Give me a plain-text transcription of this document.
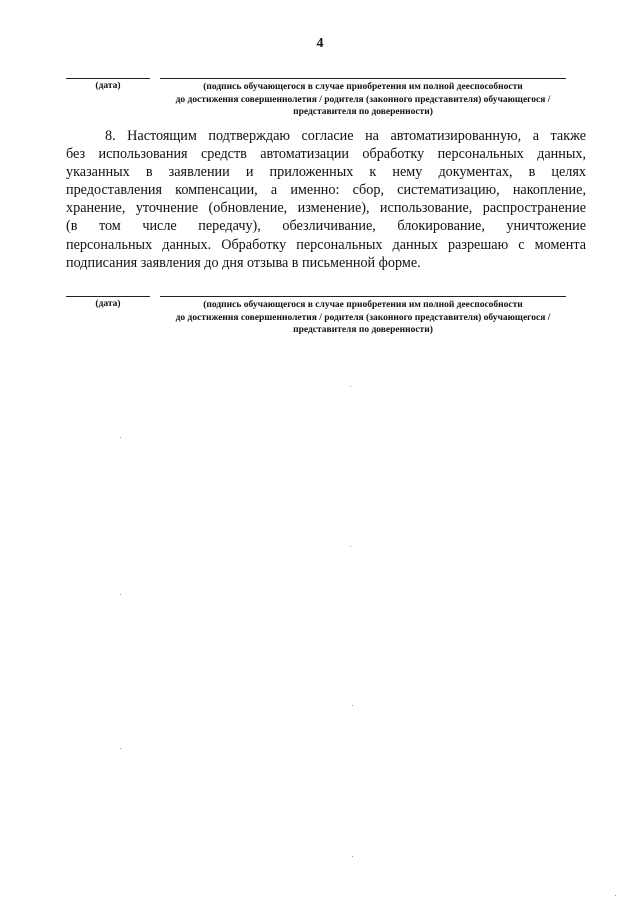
4
(дата)	(подпись обучающегося в случае приобретения им полной дееспособности
до достижения совершеннолетия / родителя (законного представителя) обучающегося /
представителя по доверенности)
8. Настоящим подтверждаю согласие на автоматизированную, а также
без использования средств автоматизации обработку персональных данных,
указанных в заявлении и приложенных к нему документах, в целях
предоставления компенсации, а именно: сбор, систематизацию, накопление,
хранение, уточнение (обновление, изменение), использование, распространение
(в том числе передачу), обезличивание, блокирование, уничтожение
персональных данных. Обработку персональных данных разрешаю с момента
подписания заявления до дня отзыва в письменной форме.
(дата)	(подпись обучающегося в случае приобретения им полной дееспособности
до достижения совершеннолетия / родителя (законного представителя) обучающегося /
представителя по доверенности)
